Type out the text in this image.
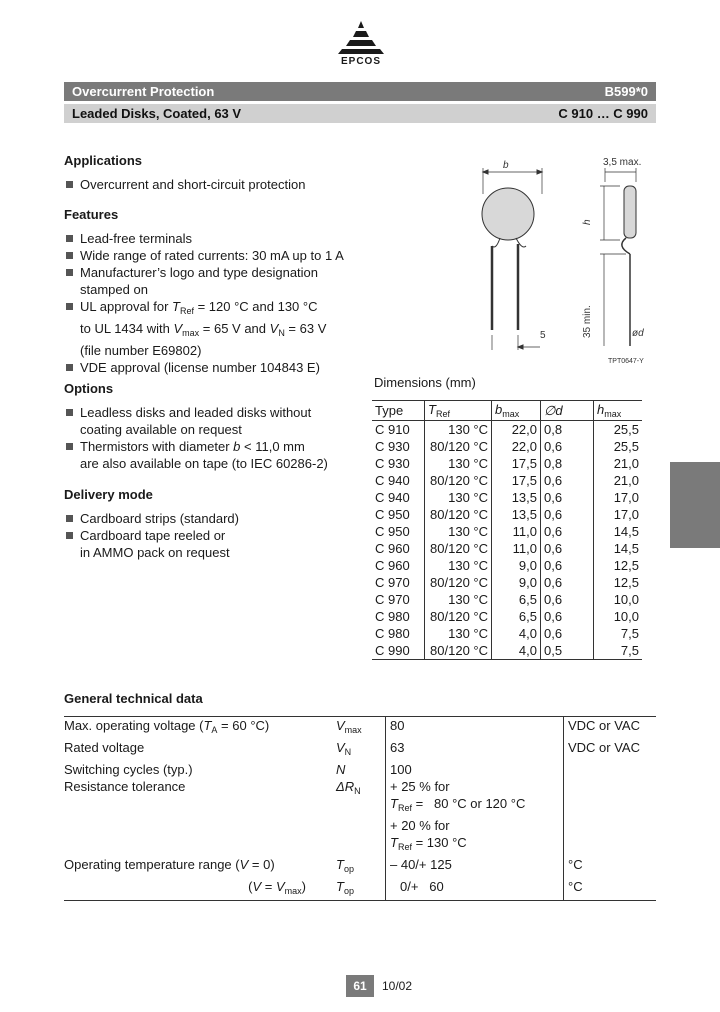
EPCOS
Overcurrent Protection	B599*0
Leaded Disks, Coated, 63 V	C 910 … C 990
Applications
Overcurrent and short-circuit protection
Features
Lead-free terminals
Wide range of rated currents: 30 mA up to 1 A
Manufacturer’s logo and type designation
stamped on
UL approval for $T_{Ref} = 120$ °C and 130 °C
to UL 1434 with $V_{max} = 65$ V and $V_N = 63$ V
(file number E69802)
VDE approval (license number 104843 E)
Options
Leadless disks and leaded disks without
coating available on request
Thermistors with diameter b < 11,0 mm
are also available on tape (to IEC 60286-2)
Delivery mode
Cardboard strips (standard)
Cardboard tape reeled or
in AMMO pack on request
b
5
3,5 max.
h
35 min.	ød
TPT0647-Y
Dimensions (mm)
Type	$T_{Ref}$	$b_{max}$	∅d	$h_{max}$
C 910	130 °C	22,0	0,8	25,5
C 930	80/120 °C	22,0	0,6	25,5
C 930	130 °C	17,5	0,8	21,0
C 940	80/120 °C	17,5	0,6	21,0
C 940	130 °C	13,5	0,6	17,0
C 950	80/120 °C	13,5	0,6	17,0
C 950	130 °C	11,0	0,6	14,5
C 960	80/120 °C	11,0	0,6	14,5
C 960	130 °C	9,0	0,6	12,5
C 970	80/120 °C	9,0	0,6	12,5
C 970	130 °C	6,5	0,6	10,0
C 980	80/120 °C	6,5	0,6	10,0
C 980	130 °C	4,0	0,6	7,5
C 990	80/120 °C	4,0	0,5	7,5
General technical data
Max. operating voltage ($T_A = 60$ °C)	$V_{max}$	80	VDC or VAC
Rated voltage	$V_N$	63	VDC or VAC
Switching cycles (typ.)	N	100
Resistance tolerance	$\Delta R_N$	+ 25 % for
$T_{Ref} = 80$ °C or 120 °C
+ 20 % for
$T_{Ref} = 130$ °C
Operating temperature range (V = 0)	$T_{op}$	– 40/+ 125	°C
$(V = V_{max})$	$T_{op}$	0/+   60	°C
61	10/02
